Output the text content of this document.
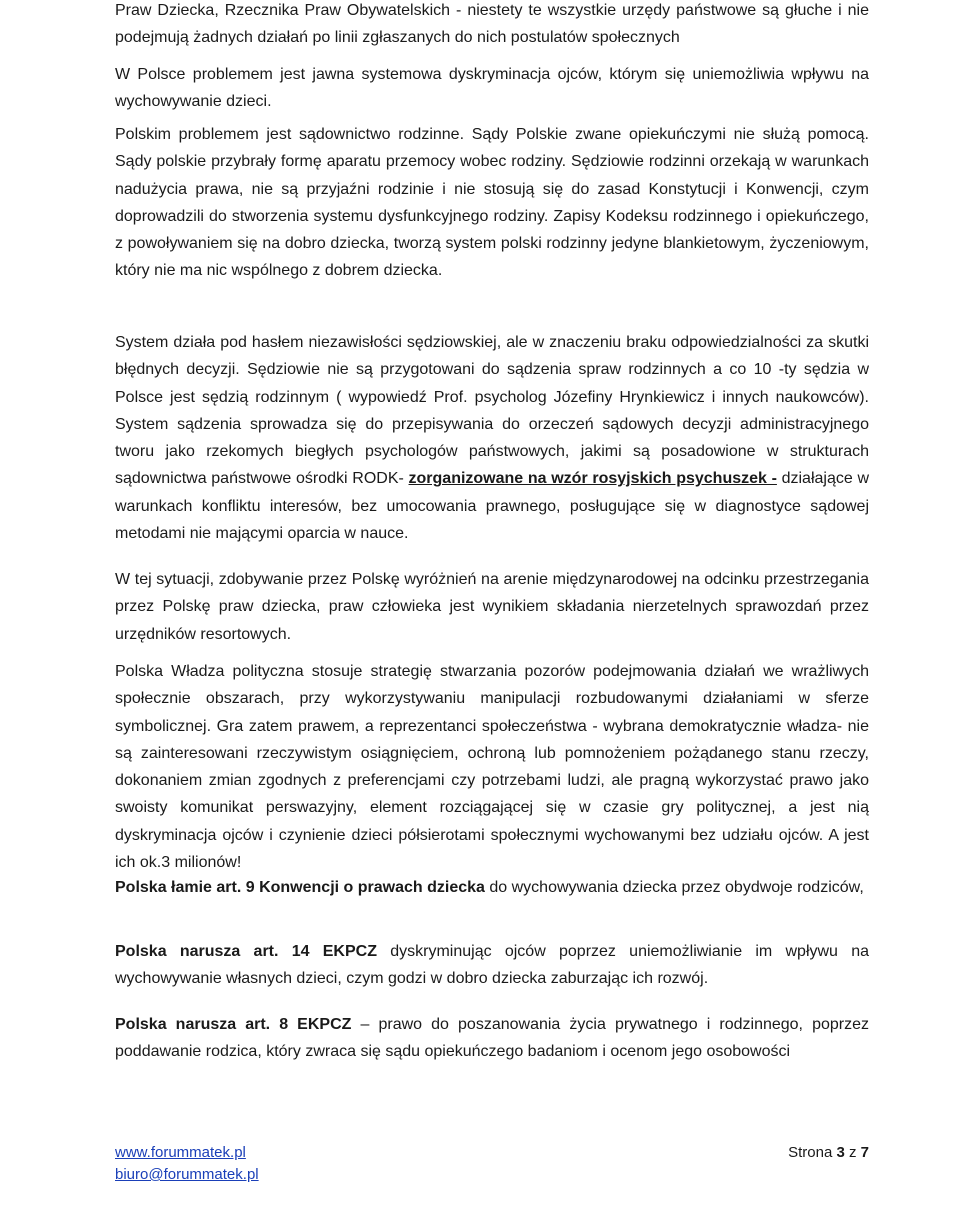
Praw Dziecka, Rzecznika Praw Obywatelskich - niestety te wszystkie urzędy państwowe są głuche i nie podejmują żadnych działań po linii zgłaszanych do nich postulatów społecznych

W Polsce problemem jest jawna systemowa dyskryminacja ojców, którym się uniemożliwia wpływu na wychowywanie dzieci.

Polskim problemem jest sądownictwo rodzinne. Sądy Polskie zwane opiekuńczymi nie służą pomocą. Sądy polskie przybrały formę aparatu przemocy wobec rodziny. Sędziowie rodzinni orzekają w warunkach nadużycia prawa, nie są przyjaźni rodzinie i nie stosują się do zasad Konstytucji i Konwencji, czym doprowadzili do stworzenia systemu dysfunkcyjnego rodziny. Zapisy Kodeksu rodzinnego i opiekuńczego, z powoływaniem się na dobro dziecka, tworzą system polski rodzinny jedyne blankietowym, życzeniowym, który nie ma nic wspólnego z dobrem dziecka.

System działa pod hasłem niezawisłości sędziowskiej, ale w znaczeniu braku odpowiedzialności za skutki błędnych decyzji. Sędziowie nie są przygotowani do sądzenia spraw rodzinnych a co 10 -ty sędzia w Polsce jest sędzią rodzinnym ( wypowiedź Prof. psycholog Józefiny Hrynkiewicz i innych naukowców). System sądzenia sprowadza się do przepisywania do orzeczeń sądowych decyzji administracyjnego tworu jako rzekomych biegłych psychologów państwowych, jakimi są posadowione w strukturach sądownictwa państwowe ośrodki RODK- zorganizowane na wzór rosyjskich psychuszek - działające w warunkach konfliktu interesów, bez umocowania prawnego, posługujące się w diagnostyce sądowej metodami nie mającymi oparcia w nauce.

W tej sytuacji, zdobywanie przez Polskę wyróżnień na arenie międzynarodowej na odcinku przestrzegania przez Polskę praw dziecka, praw człowieka jest wynikiem składania nierzetelnych sprawozdań przez urzędników resortowych.

Polska Władza polityczna stosuje strategię stwarzania pozorów podejmowania działań we wrażliwych społecznie obszarach, przy wykorzystywaniu manipulacji rozbudowanymi działaniami w sferze symbolicznej. Gra zatem prawem, a reprezentanci społeczeństwa - wybrana demokratycznie władza- nie są zainteresowani rzeczywistym osiągnięciem, ochroną lub pomnożeniem pożądanego stanu rzeczy, dokonaniem zmian zgodnych z preferencjami czy potrzebami ludzi, ale pragną wykorzystać prawo jako swoisty komunikat perswazyjny, element rozciągającej się w czasie gry politycznej, a jest nią dyskryminacja ojców i czynienie dzieci półsierotami społecznymi wychowanymi bez udziału ojców. A jest ich ok.3 milionów!

Polska łamie art. 9 Konwencji o prawach dziecka do wychowywania dziecka przez obydwoje rodziców,

Polska narusza art. 14 EKPCZ dyskryminując ojców poprzez uniemożliwianie im wpływu na wychowywanie własnych dzieci, czym godzi w dobro dziecka zaburzając ich rozwój.

Polska narusza art. 8 EKPCZ – prawo do poszanowania życia prywatnego i rodzinnego, poprzez poddawanie rodzica, który zwraca się sądu opiekuńczego badaniom i ocenom jego osobowości

www.forummatek.pl
biuro@forummatek.pl
Strona 3 z 7
